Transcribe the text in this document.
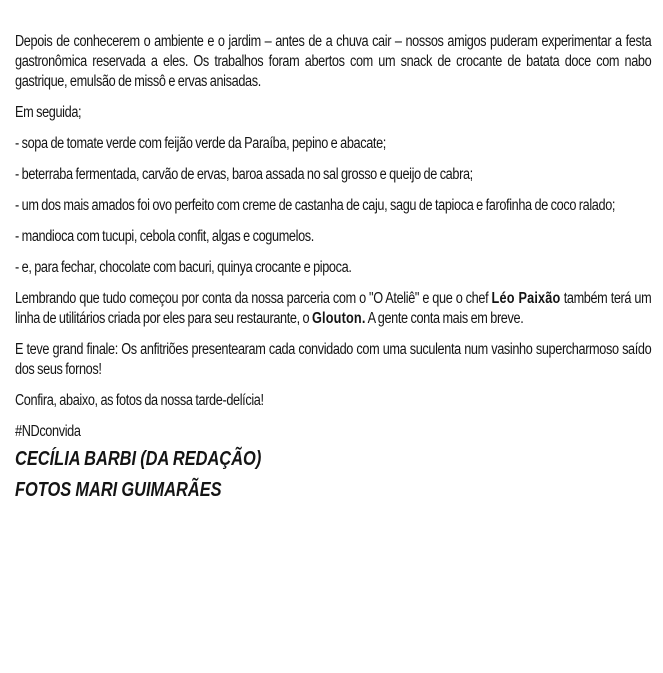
Depois de conhecerem o ambiente e o jardim – antes de a chuva cair – nossos amigos puderam experimentar a festa gastronômica reservada a eles. Os trabalhos foram abertos com um snack de crocante de batata doce com nabo gastrique, emulsão de missô e ervas anisadas.

Em seguida;

- sopa de tomate verde com feijão verde da Paraíba, pepino e abacate;

- beterraba fermentada, carvão de ervas, baroa assada no sal grosso e queijo de cabra;

- um dos mais amados foi ovo perfeito com creme de castanha de caju, sagu de tapioca e farofinha de coco ralado;

- mandioca com tucupi, cebola confit, algas e cogumelos.

- e, para fechar, chocolate com bacuri, quinya crocante e pipoca.

Lembrando que tudo começou por conta da nossa parceria com o "O Ateliê" e que o chef Léo Paixão também terá um linha de utilitários criada por eles para seu restaurante, o Glouton. A gente conta mais em breve.

E teve grand finale: Os anfitriões presentearam cada convidado com uma suculenta num vasinho supercharmoso saído dos seus fornos!

Confira, abaixo, as fotos da nossa tarde-delícia!

#NDconvida

CECÍLIA BARBI (DA REDAÇÃO)
FOTOS MARI GUIMARÃES
